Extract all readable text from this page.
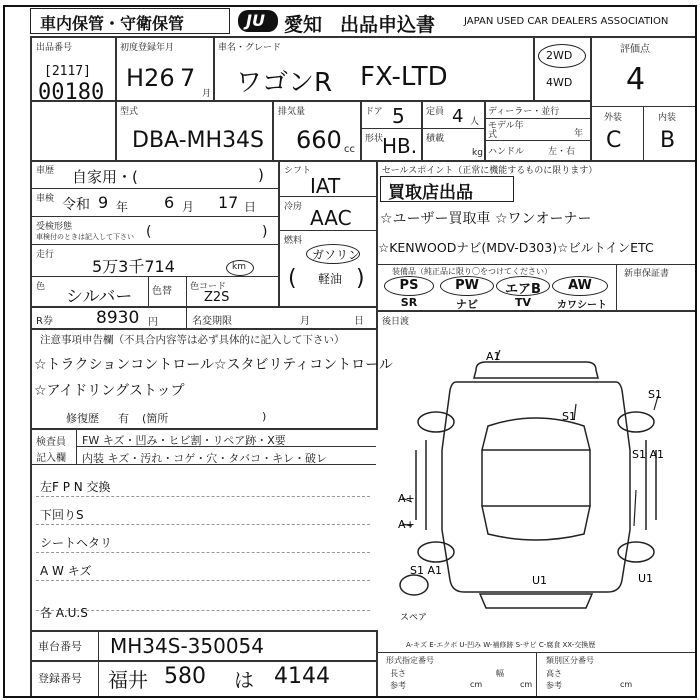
車内保管・守衛保管	JU 愛知 出品申込書	JAPAN USED CAR DEALERS ASSOCIATION
出品番号
[2117]
00180
初度登録年月
H26 7
月
車名・グレード
ワゴンR FX-LTD
2WD
4WD
評価点
4
外装	内装
C B
型式
DBA-MH34S
排気量
660 cc
ドア 5 定員 4 人
形状
HB. 積載
kg
ディーラー・並行
モデル年式	年
ハンドル	左・右
車歴 自家用・(	)
車検 令和 9 年 6 月 17 日
受検形態
車検付のときは記入して下さい (	)
走行
5万3千714	km
色 シルバー 色替 色コード
Z2S
シフト
IAT
冷房 AAC
燃料
ガソリン
軽油
(	)
セールスポイント（正常に機能するものに限ります）
買取店出品
☆ユーザー買取車 ☆ワンオーナー
☆KENWOODナビ(MDV-D303)☆ビルトインETC
装備品（純正品に限り〇をつけてください）	新車保証書
PS	PW	エアB	AW
SR	ナビ	TV	カワシート
R券	8930 円	名変期限	月	日 後日渡
注意事項申告欄（不具合内容等は必ず具体的に記入して下さい）
☆トラクションコントロール☆スタビリティコントロール
☆アイドリングストップ
修復歴 有 (箇所	)
検査員
記入欄
FW キズ・凹み・ヒビ割・リペア跡・X要
内装 キズ・汚れ・コゲ・穴・タバコ・キレ・破レ
左F P N 交換
下回りS
シートヘタリ
A W キズ
各 A.U.S
A1
S1
S1
S1 A1
A+
A+
S1 A1
U1	U1
スペア
A-キズ E-エクボ U-凹み W-補修跡 S-サビ C-腐食 XX-交換歴
車台番号 MH34S-350054
登録番号 福井 580 は 4144
形式指定番号	類別区分番号
長さ
cm
幅
cm
高さ
cm
参考	参考
